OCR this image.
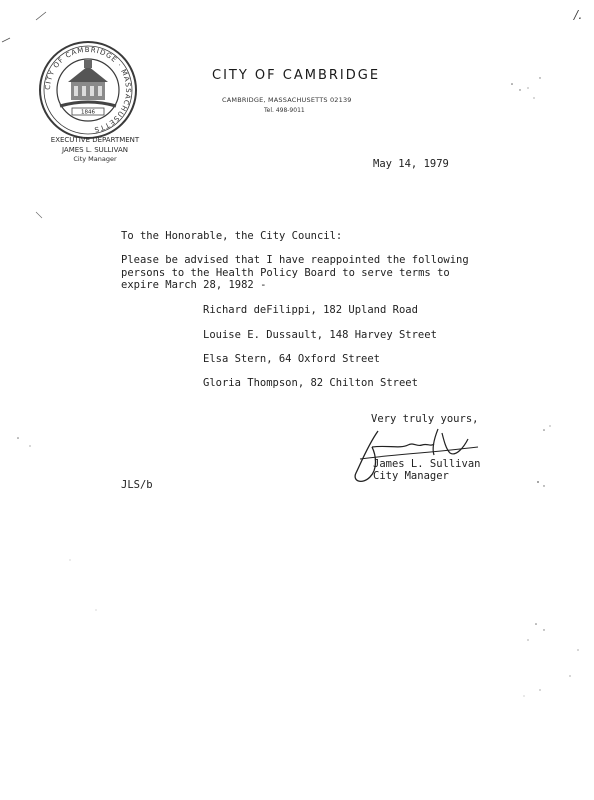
CITY OF CAMBRIDGE · MASSACHUSETTS
1846
CITY OF CAMBRIDGE
CAMBRIDGE, MASSACHUSETTS 02139
Tel. 498-9011
EXECUTIVE DEPARTMENT
JAMES L. SULLIVAN
City Manager	May 14, 1979
To the Honorable, the City Council:
Please be advised that I have reappointed the following
persons to the Health Policy Board to serve terms to
expire March 28, 1982 -
Richard deFilippi, 182 Upland Road
Louise E. Dussault, 148 Harvey Street
Elsa Stern, 64 Oxford Street
Gloria Thompson, 82 Chilton Street
Very truly yours,
James L. Sullivan
City Manager
JLS/b
/.
